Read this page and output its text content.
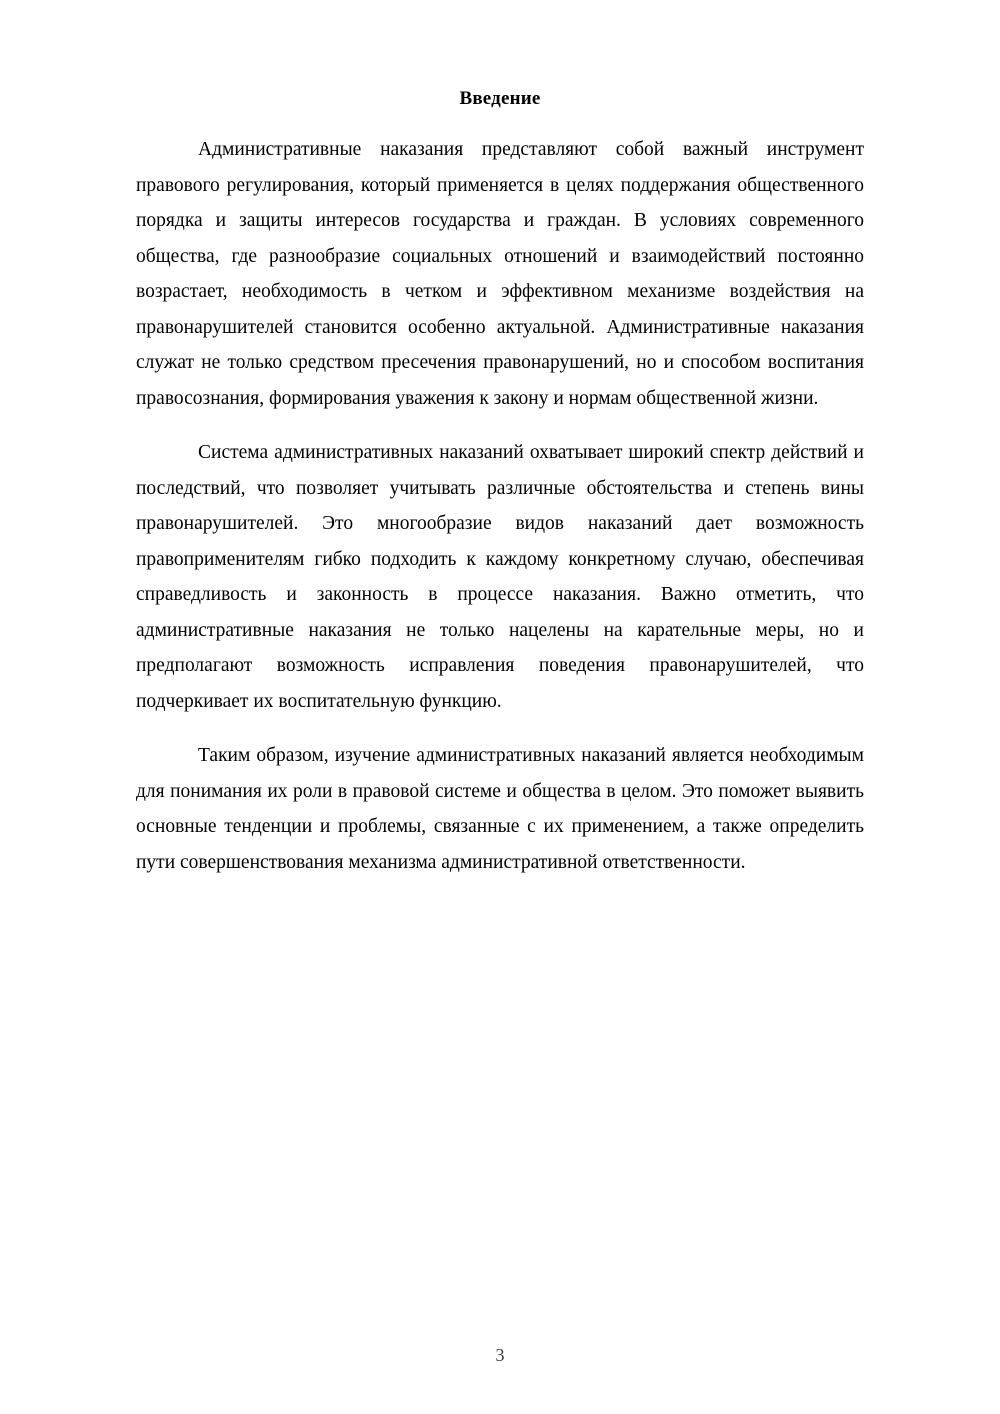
Введение

Административные наказания представляют собой важный инструмент правового регулирования, который применяется в целях поддержания общественного порядка и защиты интересов государства и граждан. В условиях современного общества, где разнообразие социальных отношений и взаимодействий постоянно возрастает, необходимость в четком и эффективном механизме воздействия на правонарушителей становится особенно актуальной. Административные наказания служат не только средством пресечения правонарушений, но и способом воспитания правосознания, формирования уважения к закону и нормам общественной жизни.

Система административных наказаний охватывает широкий спектр действий и последствий, что позволяет учитывать различные обстоятельства и степень вины правонарушителей. Это многообразие видов наказаний дает возможность правоприменителям гибко подходить к каждому конкретному случаю, обеспечивая справедливость и законность в процессе наказания. Важно отметить, что административные наказания не только нацелены на карательные меры, но и предполагают возможность исправления поведения правонарушителей, что подчеркивает их воспитательную функцию.

Таким образом, изучение административных наказаний является необходимым для понимания их роли в правовой системе и общества в целом. Это поможет выявить основные тенденции и проблемы, связанные с их применением, а также определить пути совершенствования механизма административной ответственности.

3
